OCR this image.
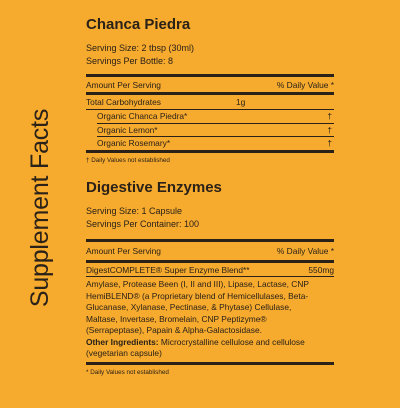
Supplement Facts
Chanca Piedra
Serving Size: 2 tbsp (30ml)
Servings Per Bottle: 8
Amount Per Serving	% Daily Value *
Total Carbohydrates	1g
Organic Chanca Piedra*	†
Organic Lemon*	†
Organic Rosemary*	†
† Daily Values not established
Digestive Enzymes
Serving Size: 1 Capsule
Servings Per Container: 100
Amount Per Serving	% Daily Value *
DigestCOMPLETE® Super Enzyme Blend**	550mg
Amylase, Protease Been (I, II and III), Lipase, Lactase, CNP
HemiBLEND® (a Proprietary blend of Hemicellulases, Beta-
Glucanase, Xylanase, Pectinase, & Phytase) Cellulase,
Maltase, Invertase, Bromelain, CNP Peptizyme®
(Serrapeptase), Papain & Alpha-Galactosidase.
Other Ingredients: Microcrystalline cellulose and cellulose
(vegetarian capsule)
* Daily Values not established
